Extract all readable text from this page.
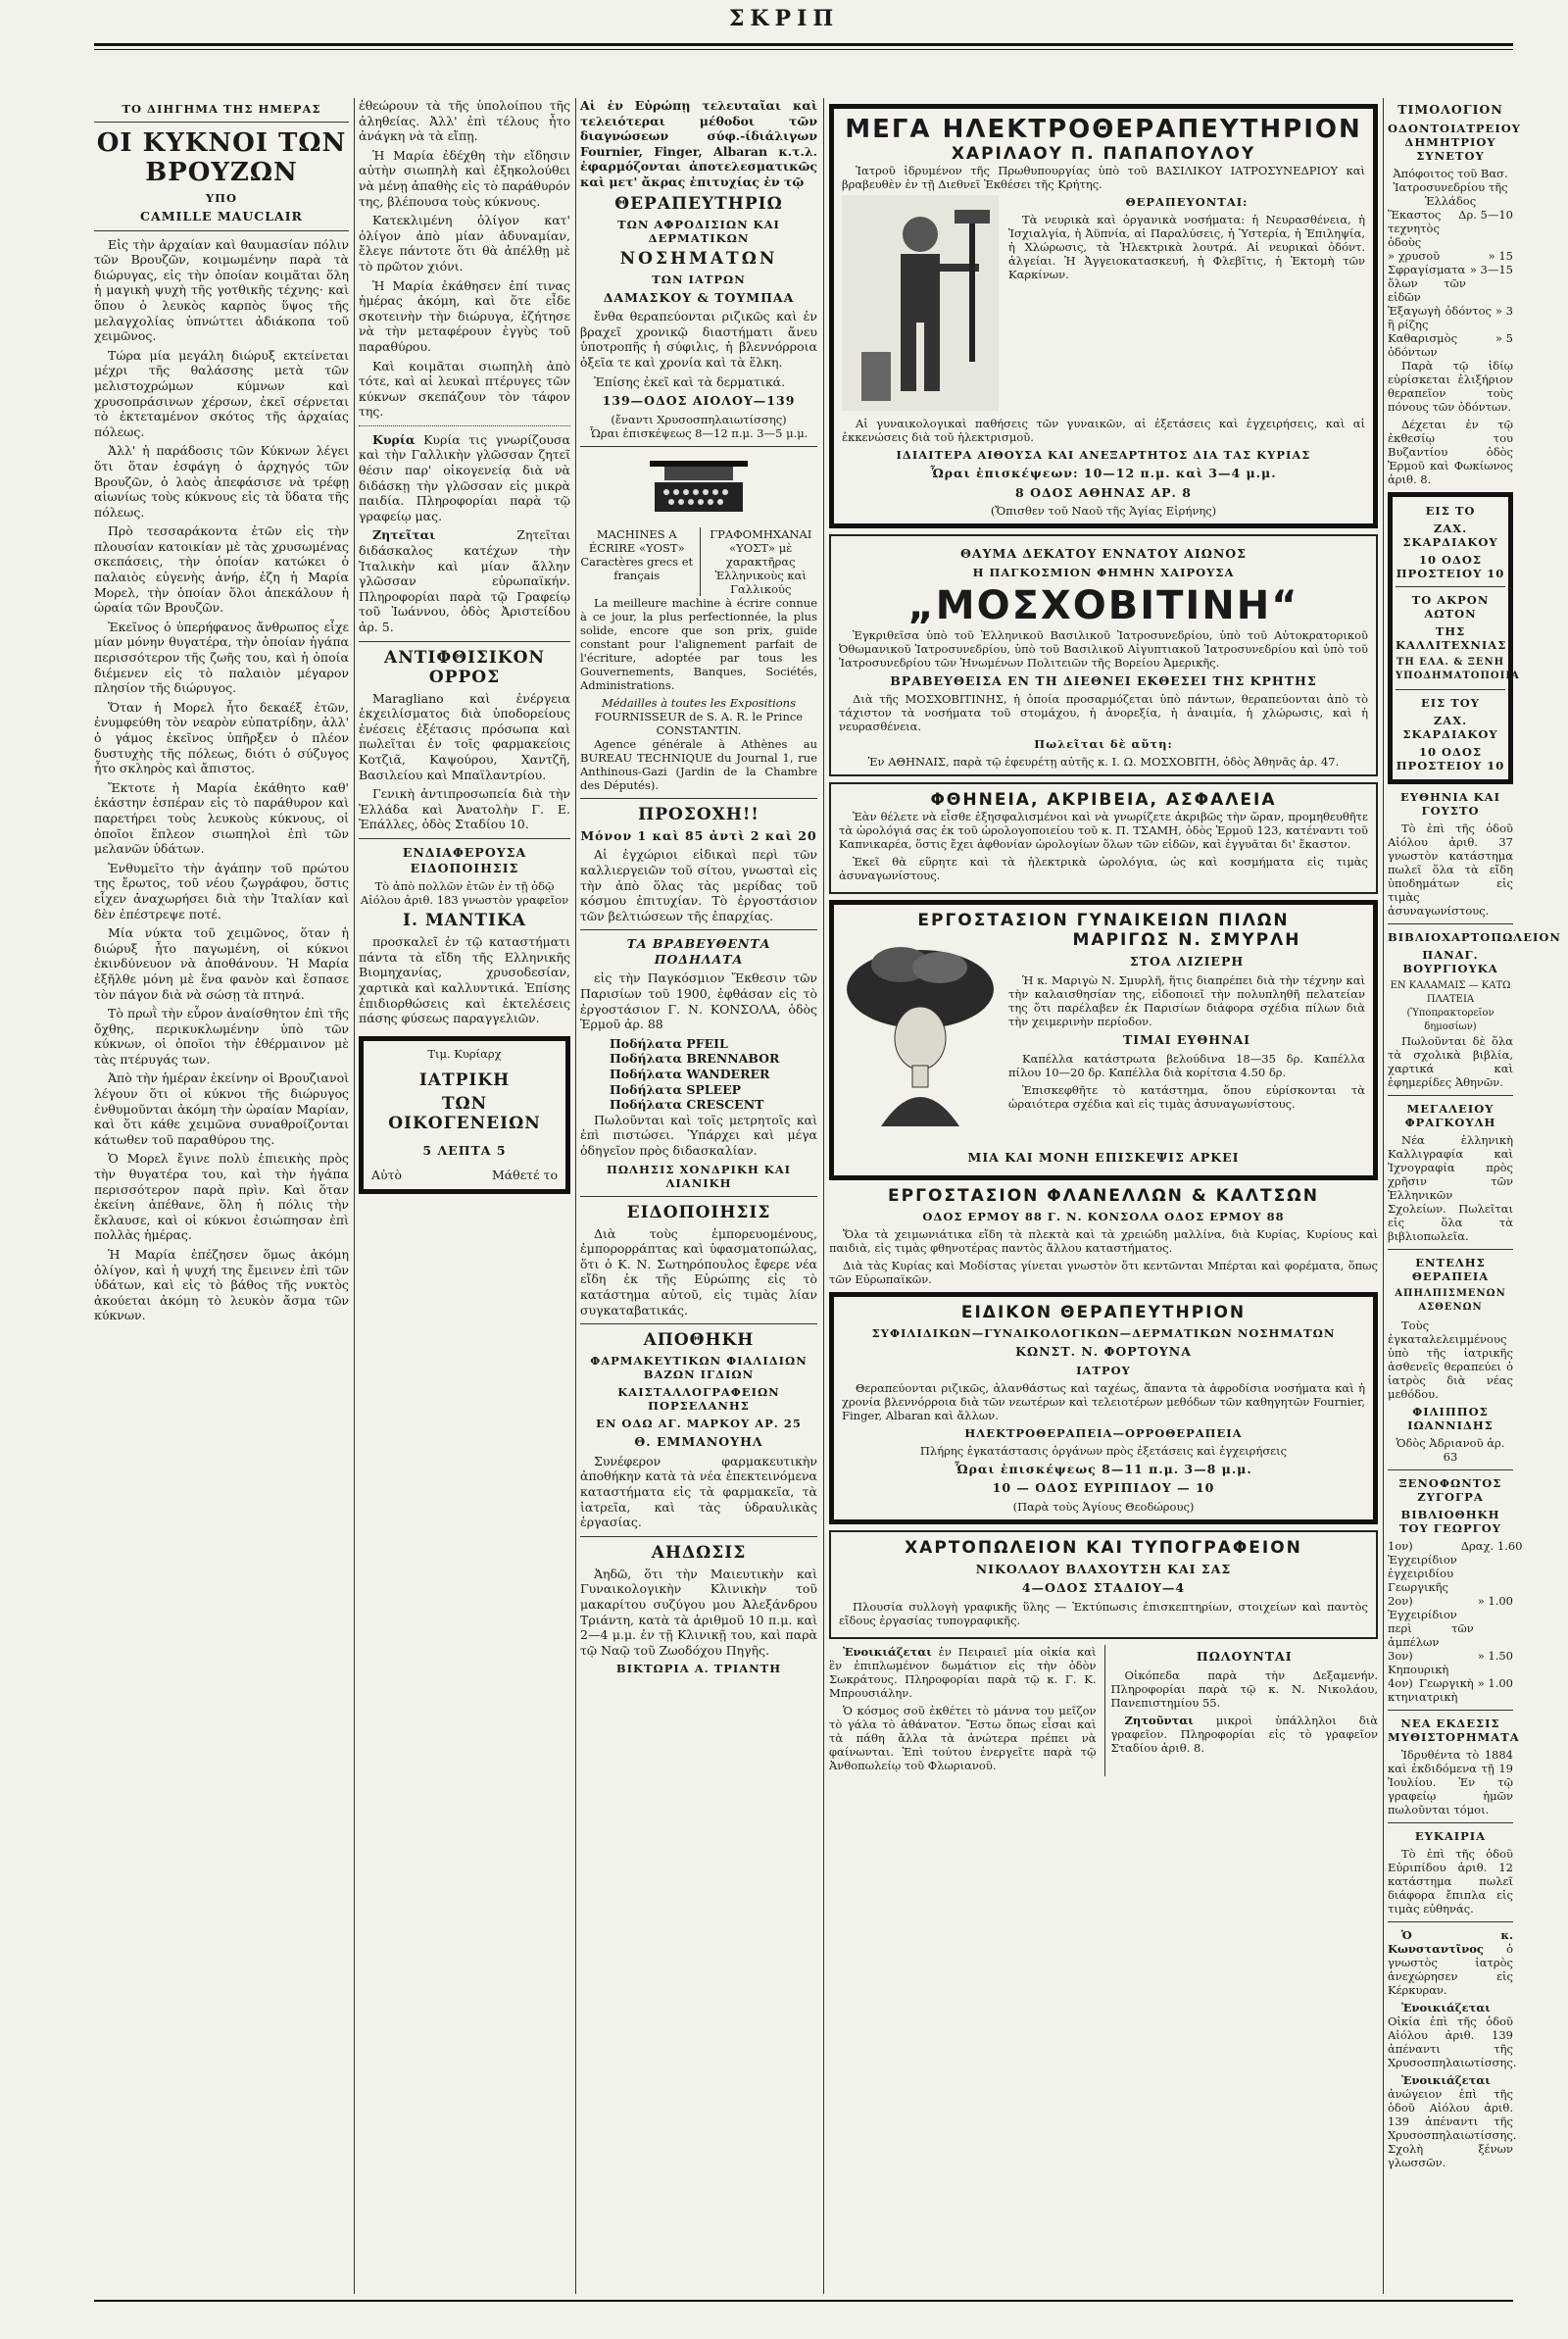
ΣΚΡΙΠ
ΤΟ ΔΙΗΓΗΜΑ ΤΗΣ ΗΜΕΡΑΣ
ΟΙ ΚΥΚΝΟΙ ΤΩΝ ΒΡΟΥΖΩΝ
ΥΠΟ
CAMILLE MAUCLAIR

Εἰς τὴν ἀρχαίαν καὶ θαυμασίαν πόλιν τῶν Βρουζῶν, κοιμωμένην παρὰ τὰ διώρυγας, εἰς τὴν ὁποίαν κοιμᾶται ὅλη ἡ μαγικὴ ψυχὴ τῆς γοτθικῆς τέχνης· καὶ ὅπου ὁ λευκὸς καρπὸς ὕψος τῆς μελαγχολίας ὑπνώττει ἀδιάκοπα τοῦ χειμῶνος.

Τώρα μία μεγάλη διώρυξ εκτείνεται μέχρι τῆς θαλάσσης μετὰ τῶν μελιστοχρώμων κύμνων καὶ χρυσοπράσινων χέρσων, ἐκεῖ σέρνεται τὸ ἐκτεταμένον σκότος τῆς ἀρχαίας πόλεως.

Ἀλλ' ἡ παράδοσις τῶν Κύκνων λέγει ὅτι ὅταν ἐσφάγη ὁ ἀρχηγός τῶν Βρουζῶν, ὁ λαὸς ἀπεφάσισε νὰ τρέφῃ αἰωνίως τοὺς κύκνους εἰς τὰ ὕδατα τῆς πόλεως.

Πρὸ τεσσαράκοντα ἐτῶν εἰς τὴν πλουσίαν κατοικίαν μὲ τὰς χρυσωμένας σκεπάσεις, τὴν ὁποίαν κατώκει ὁ παλαιὸς εὐγενὴς ἀνήρ, ἐζη ἡ Μαρία Μορελ, τὴν ὁποίαν ὅλοι ἀπεκάλουν ἡ ὡραία τῶν Βρουζῶν.

Ἐκεῖνος ὁ ὑπερήφανος ἄνθρωπος εἶχε μίαν μόνην θυγατέρα, τὴν ὁποίαν ἠγάπα περισσότερον τῆς ζωῆς του, καὶ ἡ ὁποία διέμενεν εἰς τὸ παλαιὸν μέγαρον πλησίον τῆς διώρυγος.

Ὅταν ἡ Μορελ ἦτο δεκαέξ ἐτῶν, ἐνυμφεύθη τὸν νεαρὸν εὐπατρίδην, ἀλλ' ὁ γάμος ἐκεῖνος ὑπῆρξεν ὁ πλέον δυστυχὴς τῆς πόλεως, διότι ὁ σύζυγος ἦτο σκληρὸς καὶ ἄπιστος.

Ἔκτοτε ἡ Μαρία ἐκάθητο καθ' ἑκάστην ἑσπέραν εἰς τὸ παράθυρον καὶ παρετήρει τοὺς λευκοὺς κύκνους, οἱ ὁποῖοι ἔπλεον σιωπηλοὶ ἐπὶ τῶν μελανῶν ὑδάτων.

Ἐνθυμεῖτο τὴν ἀγάπην τοῦ πρώτου της ἔρωτος, τοῦ νέου ζωγράφου, ὅστις εἶχεν ἀναχωρήσει διὰ τὴν Ἰταλίαν καὶ δὲν ἐπέστρεψε ποτέ.

Μία νύκτα τοῦ χειμῶνος, ὅταν ἡ διώρυξ ἦτο παγωμένη, οἱ κύκνοι ἐκινδύνευον νὰ ἀποθάνουν. Ἡ Μαρία ἐξῆλθε μόνη μὲ ἕνα φανὸν καὶ ἔσπασε τὸν πάγον διὰ νὰ σώσῃ τὰ πτηνά.

Τὸ πρωῒ τὴν εὗρον ἀναίσθητον ἐπὶ τῆς ὄχθης, περικυκλωμένην ὑπὸ τῶν κύκνων, οἱ ὁποῖοι τὴν ἐθέρμαινον μὲ τὰς πτέρυγάς των.

Ἀπὸ τὴν ἡμέραν ἐκείνην οἱ Βρουζιανοὶ λέγουν ὅτι οἱ κύκνοι τῆς διώρυγος ἐνθυμοῦνται ἀκόμη τὴν ὡραίαν Μαρίαν, καὶ ὅτι κάθε χειμῶνα συναθροίζονται κάτωθεν τοῦ παραθύρου της.

Ὁ Μορελ ἔγινε πολὺ ἐπιεικὴς πρὸς τὴν θυγατέρα του, καὶ τὴν ἠγάπα περισσότερον παρὰ πρὶν. Καὶ ὅταν ἐκείνη ἀπέθανε, ὅλη ἡ πόλις τὴν ἔκλαυσε, καὶ οἱ κύκνοι ἐσιώπησαν ἐπὶ πολλὰς ἡμέρας.

Ἡ Μαρία ἐπέζησεν ὅμως ἀκόμη ὀλίγον, καὶ ἡ ψυχή της ἔμεινεν ἐπὶ τῶν ὑδάτων, καὶ εἰς τὸ βάθος τῆς νυκτὸς ἀκούεται ἀκόμη τὸ λευκὸν ἄσμα τῶν κύκνων.

ἐθεώρουν τὰ τῆς ὑπολοίπου τῆς ἀληθείας. Ἀλλ' ἐπὶ τέλους ἦτο ἀνάγκη νὰ τὰ εἴπῃ.

Ἡ Μαρία ἐδέχθη τὴν εἴδησιν αὐτὴν σιωπηλὴ καὶ ἐξηκολούθει νὰ μένῃ ἀπαθὴς εἰς τὸ παράθυρόν της, βλέπουσα τοὺς κύκνους.

Κατεκλιμένη ὀλίγον κατ' ὀλίγον ἀπὸ μίαν ἀδυναμίαν, ἔλεγε πάντοτε ὅτι θὰ ἀπέλθῃ μὲ τὸ πρῶτον χιόνι.

Ἡ Μαρία ἐκάθησεν ἐπί τινας ἡμέρας ἀκόμη, καὶ ὅτε εἶδε σκοτεινὴν τὴν διώρυγα, ἐζήτησε νὰ τὴν μεταφέρουν ἐγγὺς τοῦ παραθύρου.

Καὶ κοιμᾶται σιωπηλὴ ἀπὸ τότε, καὶ αἱ λευκαὶ πτέρυγες τῶν κύκνων σκεπάζουν τὸν τάφον της.

Κυρία Κυρία τις γνωρίζουσα καὶ τὴν Γαλλικὴν γλῶσσαν ζητεῖ θέσιν παρ' οἰκογενείᾳ διὰ νὰ διδάσκῃ τὴν γλῶσσαν εἰς μικρὰ παιδία. Πληροφορίαι παρὰ τῷ γραφείῳ μας.

Ζητεῖται	Ζητεῖται διδάσκαλος κατέχων τὴν Ἰταλικὴν καὶ μίαν ἄλλην γλῶσσαν εὐρωπαϊκήν. Πληροφορίαι παρὰ τῷ Γραφείῳ τοῦ Ἰωάννου, ὁδὸς Ἀριστείδου ἀρ. 5.

ΑΝΤΙΦΘΙΣΙΚΟΝ ΟΡΡΟΣ

Maragliano καὶ ἐνέργεια ἐκχειλίσματος διὰ ὑποδορείους ἐνέσεις ἐξέτασις πρόσωπα καὶ πωλεῖται ἐν τοῖς φαρμακείοις Κοτζιᾶ, Καψούρου, Χαντζῆ, Βασιλείου καὶ Μπαϊλαντρίου.

Γενικὴ ἀντιπροσωπεία διὰ τὴν Ἑλλάδα καὶ Ἀνατολὴν Γ. Ε. Ἐπάλλες, ὁδὸς Σταδίου 10.

ΕΝΔΙΑΦΕΡΟΥΣΑ ΕΙΔΟΠΟΙΗΣΙΣ

Τὸ ἀπὸ πολλῶν ἐτῶν ἐν τῇ ὁδῷ Αἰόλου ἀριθ. 183 γνωστὸν γραφεῖον

Ι. ΜΑΝΤΙΚΑ

προσκαλεῖ ἐν τῷ καταστήματι πάντα τὰ εἴδη τῆς Ελληνικῆς Βιομηχανίας, χρυσοδεσίαν, χαρτικὰ καὶ καλλυντικά. Ἐπίσης ἐπιδιορθώσεις καὶ ἐκτελέσεις πάσης φύσεως παραγγελιῶν.

Τιμ. Κυρίαρχ
ΙΑΤΡΙΚΗ
ΤΩΝ ΟΙΚΟΓΕΝΕΙΩΝ
5 ΛΕΠΤΑ 5
Αὐτὸ	Μάθετέ το

Αἱ ἐν Εὐρώπῃ τελευταῖαι καὶ τελειότεραι μέθοδοι τῶν διαγνώσεων σύφ.-ίδιάλιγων Fournier, Finger, Albaran κ.τ.λ. ἐφαρμόζονται ἀποτελεσματικῶς καὶ μετ' ἄκρας ἐπιτυχίας ἐν τῷ

ΘΕΡΑΠΕΥΤΗΡΙΩ
ΤΩΝ ΑΦΡΟΔΙΣΙΩΝ ΚΑΙ ΔΕΡΜΑΤΙΚΩΝ
ΝΟΣΗΜΑΤΩΝ
ΤΩΝ ΙΑΤΡΩΝ
ΔΑΜΑΣΚΟΥ & ΤΟΥΜΠΑΑ

ἔνθα θεραπεύονται ριζικῶς καὶ ἐν βραχεῖ χρονικῷ διαστήματι ἄνευ ὑποτροπῆς ἡ σύφιλις, ἡ βλεννόρροια ὀξεῖα τε καὶ χρονία καὶ τὰ ἕλκη.

Ἐπίσης ἐκεῖ καὶ τὰ δερματικά.

139—ΟΔΟΣ ΑΙΟΛΟΥ—139
(ἔναντι Χρυσοσπηλαιωτίσσης)
Ὧραι ἐπισκέψεως 8—12 π.μ. 3—5 μ.μ.
MACHINES A ÉCRIRE «YOST» Caractères grecs et français
ΓΡΑΦΟΜΗΧΑΝΑΙ «ΥΟΣΤ» μὲ χαρακτῆρας Ἑλληνικοὺς καὶ Γαλλικούς

La meilleure machine à écrire connue à ce jour, la plus perfectionnée, la plus solide, encore que son prix, guide constant pour l'alignement parfait de l'écriture, adoptée par tous les Gouvernements, Banques, Sociétés, Administrations.

Médailles à toutes les Expositions
FOURNISSEUR de S. A. R. le Prince CONSTANTIN.

Agence générale à Athènes au BUREAU TECHNIQUE du Journal 1, rue Anthinous-Gazi (Jardin de la Chambre des Députés).

ΠΡΟΣΟΧΗ!!
Μόνον 1 καὶ 85 ἀντὶ 2 καὶ 20

Αἱ ἐγχώριοι εἰδικαὶ περὶ τῶν καλλιεργειῶν τοῦ σίτου, γνωσταὶ εἰς τὴν ἀπὸ ὅλας τὰς μερίδας τοῦ κόσμου ἐπιτυχίαν. Τὸ ἐργοστάσιον τῶν βελτιώσεων τῆς ἐπαρχίας.

ΤΑ ΒΡΑΒΕΥΘΕΝΤΑ ΠΟΔΗΛΑΤΑ

εἰς τὴν Παγκόσμιον Ἔκθεσιν τῶν Παρισίων τοῦ 1900, ἐφθάσαν εἰς τὸ ἐργοστάσιον Γ. Ν. ΚΟΝΣΟΛΑ, ὁδὸς Ἑρμοῦ ἀρ. 88

Ποδήλατα PFEIL
Ποδήλατα BRENNABOR
Ποδήλατα WANDERER
Ποδήλατα SPLEEP
Ποδήλατα CRESCENT

Πωλοῦνται καὶ τοῖς μετρητοῖς καὶ ἐπὶ πιστώσει. Ὑπάρχει καὶ μέγα ὁδηγεῖον πρὸς διδασκαλίαν.

ΠΩΛΗΣΙΣ ΧΟΝΔΡΙΚΗ ΚΑΙ ΛΙΑΝΙΚΗ
ΕΙΔΟΠΟΙΗΣΙΣ

Διὰ τοὺς ἐμπορευομένους, ἐμπορορράπτας καὶ ὑφασματοπώλας, ὅτι ὁ Κ. Ν. Σωτηρόπουλος ἔφερε νέα εἴδη ἐκ τῆς Εὐρώπης εἰς τὸ κατάστημα αὐτοῦ, εἰς τιμὰς λίαν συγκαταβατικάς.

ΑΠΟΘΗΚΗ
ΦΑΡΜΑΚΕΥΤΙΚΩΝ ΦΙΑΛΙΔΙΩΝ ΒΑΖΩΝ ΙΓΔΙΩΝ
ΚΑΙΣΤΑΛΛΟΓΡΑΦΕΙΩΝ ΠΟΡΣΕΛΑΝΗΣ
ΕΝ ΟΔΩ ΑΓ. ΜΑΡΚΟΥ ΑΡ. 25
Θ. ΕΜΜΑΝΟΥΗΛ

Συνέφερον φαρμακευτικὴν ἀποθήκην κατὰ τὰ νέα ἐπεκτεινόμενα καταστήματα εἰς τὰ φαρμακεῖα, τὰ ἰατρεῖα, καὶ τὰς ὑδραυλικὰς ἐργασίας.

ΑΗΔΩΣΙΣ

Ἀηδῶ, ὅτι τὴν Μαιευτικὴν καὶ Γυναικολογικὴν Κλινικὴν τοῦ μακαρίτου συζύγου μου Ἀλεξάνδρου Τριάντη, κατὰ τὰ ἀριθμοῦ 10 π.μ. καὶ 2—4 μ.μ. ἐν τῇ Κλινικῇ του, καὶ παρὰ τῷ Ναῷ τοῦ Ζωοδόχου Πηγῆς.

ΒΙΚΤΩΡΙΑ Α. ΤΡΙΑΝΤΗ
ΜΕΓΑ ΗΛΕΚΤΡΟΘΕΡΑΠΕΥΤΗΡΙΟΝ
ΧΑΡΙΛΑΟΥ Π. ΠΑΠΑΠΟΥΛΟΥ

Ἰατροῦ ἰδρυμένον τῆς Πρωθυπουργίας ὑπὸ τοῦ ΒΑΣΙΛΙΚΟΥ ΙΑΤΡΟΣΥΝΕΔΡΙΟΥ καὶ βραβευθὲν ἐν τῇ Διεθνεῖ Ἐκθέσει τῆς Κρήτης.

ΘΕΡΑΠΕΥΟΝΤΑΙ:

Τὰ νευρικὰ καὶ ὀργανικὰ νοσήματα: ἡ Νευρασθένεια, ἡ Ἰσχιαλγία, ἡ Ἀϋπνία, αἱ Παραλύσεις, ἡ Ὑστερία, ἡ Ἐπιληψία, ἡ Χλώρωσις, τὰ Ἡλεκτρικὰ λουτρά. Αἱ νευρικαὶ ὀδόντ. ἀλγείαι. Ἡ Ἀγγειοκατασκευή, ἡ Φλεβῖτις, ἡ Ἐκτομὴ τῶν Καρκίνων.

Αἱ γυναικολογικαὶ παθήσεις τῶν γυναικῶν, αἱ ἐξετάσεις καὶ ἐγχειρήσεις, καὶ αἱ ἐκκενώσεις διὰ τοῦ ἡλεκτρισμοῦ.

ΙΔΙΑΙΤΕΡΑ ΑΙΘΟΥΣΑ ΚΑΙ ΑΝΕΞΑΡΤΗΤΟΣ ΔΙΑ ΤΑΣ ΚΥΡΙΑΣ
Ὧραι ἐπισκέψεων: 10—12 π.μ. καὶ 3—4 μ.μ.
8 ΟΔΟΣ ΑΘΗΝΑΣ ΑΡ. 8
(Ὄπισθεν τοῦ Ναοῦ τῆς Ἁγίας Εἰρήνης)
ΘΑΥΜΑ ΔΕΚΑΤΟΥ ΕΝΝΑΤΟΥ ΑΙΩΝΟΣ
Η ΠΑΓΚΟΣΜΙΟΝ ΦΗΜΗΝ ΧΑΙΡΟΥΣΑ
„ΜΟΣΧΟΒΙΤΙΝΗ“

Ἐγκριθεῖσα ὑπὸ τοῦ Ἑλληνικοῦ Βασιλικοῦ Ἰατροσυνεδρίου, ὑπὸ τοῦ Αὐτοκρατορικοῦ Ὀθωμανικοῦ Ἰατροσυνεδρίου, ὑπὸ τοῦ Βασιλικοῦ Αἰγυπτιακοῦ Ἰατροσυνεδρίου καὶ ὑπὸ τοῦ Ἰατροσυνεδρίου τῶν Ἡνωμένων Πολιτειῶν τῆς Βορείου Ἀμερικῆς.

ΒΡΑΒΕΥΘΕΙΣΑ ΕΝ ΤΗ ΔΙΕΘΝΕΙ ΕΚΘΕΣΕΙ ΤΗΣ ΚΡΗΤΗΣ

Διὰ τῆς ΜΟΣΧΟΒΙΤΙΝΗΣ, ἡ ὁποία προσαρμόζεται ὑπὸ πάντων, θεραπεύονται ἀπὸ τὸ τάχιστον τὰ νοσήματα τοῦ στομάχου, ἡ ἀνορεξία, ἡ ἀναιμία, ἡ χλώρωσις, καὶ ἡ νευρασθένεια.

Πωλεῖται δὲ αὕτη:
Ἐν ΑΘΗΝΑΙΣ, παρὰ τῷ ἐφευρέτῃ αὐτῆς κ. Ι. Ω. ΜΟΣΧΟΒΙΤΗ, ὁδὸς Ἀθηνᾶς ἀρ. 47.
ΦΘΗΝΕΙΑ, ΑΚΡΙΒΕΙΑ, ΑΣΦΑΛΕΙΑ

Ἐὰν θέλετε νὰ εἶσθε ἐξησφαλισμένοι καὶ νὰ γνωρίζετε ἀκριβῶς τὴν ὥραν, προμηθευθῆτε τὰ ὡρολόγιά σας ἐκ τοῦ ὡρολογοποιείου τοῦ κ. Π. ΤΣΑΜΗ, ὁδὸς Ἑρμοῦ 123, κατέναντι τοῦ Καπνικαρέα, ὅστις ἔχει ἀφθονίαν ὡρολογίων ὅλων τῶν εἰδῶν, καὶ ἐγγυᾶται δι' ἕκαστον.

Ἐκεῖ θὰ εὕρητε καὶ τὰ ἡλεκτρικὰ ὡρολόγια, ὡς καὶ κοσμήματα εἰς τιμὰς ἀσυναγωνίστους.

ΕΡΓΟΣΤΑΣΙΟΝ ΓΥΝΑΙΚΕΙΩΝ ΠΙΛΩΝ
ΜΑΡΙΓΩΣ Ν. ΣΜΥΡΛΗ
ΣΤΟΑ ΛΙΖΙΕΡΗ

Ἡ κ. Μαριγὼ Ν. Σμυρλῆ, ἥτις διαπρέπει διὰ τὴν τέχνην καὶ τὴν καλαισθησίαν της, εἰδοποιεῖ τὴν πολυπληθῆ πελατείαν της ὅτι παρέλαβεν ἐκ Παρισίων διάφορα σχέδια πίλων διὰ τὴν χειμερινὴν περίοδον.

ΤΙΜΑΙ ΕΥΘΗΝΑΙ

Καπέλλα κατάστρωτα βελούδινα 18—35 δρ. Καπέλλα πίλου 10—20 δρ. Καπέλλα διὰ κορίτσια 4.50 δρ.

Ἐπισκεφθῆτε τὸ κατάστημα, ὅπου εὑρίσκονται τὰ ὡραιότερα σχέδια καὶ εἰς τιμὰς ἀσυναγωνίστους.

ΜΙΑ ΚΑΙ ΜΟΝΗ ΕΠΙΣΚΕΨΙΣ ΑΡΚΕΙ
ΕΡΓΟΣΤΑΣΙΟΝ ΦΛΑΝΕΛΛΩΝ & ΚΑΛΤΣΩΝ
ΟΔΟΣ ΕΡΜΟΥ 88 Γ. Ν. ΚΟΝΣΟΛΑ ΟΔΟΣ ΕΡΜΟΥ 88

Ὅλα τὰ χειμωνιάτικα εἴδη τὰ πλεκτὰ καὶ τὰ χρειώδη μαλλίνα, διὰ Κυρίας, Κυρίους καὶ παιδιὰ, εἰς τιμὰς φθηνοτέρας παντὸς ἄλλου καταστήματος.

Διὰ τὰς Κυρίας καὶ Μοδίστας γίνεται γνωστὸν ὅτι κεντῶνται Μπέρται καὶ φορέματα, ὅπως τῶν Εὐρωπαϊκῶν.

ΕΙΔΙΚΟΝ ΘΕΡΑΠΕΥΤΗΡΙΟΝ
ΣΥΦΙΛΙΔΙΚΩΝ—ΓΥΝΑΙΚΟΛΟΓΙΚΩΝ—ΔΕΡΜΑΤΙΚΩΝ ΝΟΣΗΜΑΤΩΝ
ΚΩΝΣΤ. Ν. ΦΟΡΤΟΥΝΑ
ΙΑΤΡΟΥ

Θεραπεύονται ριζικῶς, ἀλανθάστως καὶ ταχέως, ἅπαντα τὰ ἀφροδίσια νοσήματα καὶ ἡ χρονία βλεννόρροια διὰ τῶν νεωτέρων καὶ τελειοτέρων μεθόδων τῶν καθηγητῶν Fournier, Finger, Albaran καὶ ἄλλων.

ΗΛΕΚΤΡΟΘΕΡΑΠΕΙΑ—ΟΡΡΟΘΕΡΑΠΕΙΑ
Πλήρης ἐγκατάστασις ὀργάνων πρὸς ἐξετάσεις καὶ ἐγχειρήσεις
Ὧραι ἐπισκέψεως 8—11 π.μ. 3—8 μ.μ.
10 — ΟΔΟΣ ΕΥΡΙΠΙΔΟΥ — 10
(Παρὰ τοὺς Ἁγίους Θεοδώρους)
ΧΑΡΤΟΠΩΛΕΙΟΝ ΚΑΙ ΤΥΠΟΓΡΑΦΕΙΟΝ
ΝΙΚΟΛΑΟΥ ΒΛΑΧΟΥΤΣΗ ΚΑΙ ΣΑΣ
4—ΟΔΟΣ ΣΤΑΔΙΟΥ—4

Πλουσία συλλογὴ γραφικῆς ὕλης — Ἐκτύπωσις ἐπισκεπτηρίων, στοιχείων καὶ παντὸς εἴδους ἐργασίας τυπογραφικῆς.

Ἐνοικιάζεται ἐν Πειραιεῖ μία οἰκία καὶ ἓν ἐπιπλωμένον δωμάτιον εἰς τὴν ὁδὸν Σωκράτους. Πληροφορίαι παρὰ τῷ κ. Γ. Κ. Μπρουσιάλην.

Ὁ κόσμος σοῦ ἐκθέτει τὸ μάννα του μεῖζον τὸ γάλα τὸ ἀθάνατον. Ἔστω ὅπως εἶσαι καὶ τὰ πάθη ἄλλα τὰ ἀνώτερα πρέπει νὰ φαίνωνται. Ἐπὶ τούτου ἐνεργεῖτε παρὰ τῷ Ἀνθοπωλείῳ τοῦ Φλωριανοῦ.

ΠΩΛΟΥΝΤΑΙ

Οἰκόπεδα παρὰ τὴν Δεξαμενήν. Πληροφορίαι παρὰ τῷ κ. Ν. Νικολάου, Πανεπιστημίου 55.

Ζητοῦνται μικροὶ ὑπάλληλοι διὰ γραφεῖον. Πληροφορίαι εἰς τὸ γραφεῖον Σταδίου ἀριθ. 8.

ΤΙΜΟΛΟΓΙΟΝ
ΟΔΟΝΤΟΙΑΤΡΕΙΟΥ ΔΗΜΗΤΡΙΟΥ ΣΥΝΕΤΟΥ
Ἀπόφοιτος τοῦ Βασ. Ἰατροσυνεδρίου τῆς Ἑλλάδος
Ἕκαστος τεχνητὸς ὀδοὺς
Δρ. 5—10
» χρυσοῦ	» 15
Σφραγίσματα ὅλων τῶν εἰδῶν
» 3—15
Ἐξαγωγὴ ὀδόντος ἢ ρίζης
» 3
Καθαρισμὸς ὀδόντων
» 5

Παρὰ τῷ ἰδίῳ εὑρίσκεται ἐλιξήριον θεραπεῖον τοὺς πόνους τῶν ὀδόντων.

Δέχεται ἐν τῷ ἐκθεσίῳ του Βυζαντίου ὁδὸς Ἑρμοῦ καὶ Φωκίωνος ἀριθ. 8.

ΕΙΣ ΤΟ
ΖΑΧ. ΣΚΑΡΔΙΑΚΟΥ
10 ΟΔΟΣ ΠΡΟΣΤΕΙΟΥ 10
ΤΟ ΑΚΡΟΝ ΑΩΤΟΝ
ΤΗΣ ΚΑΛΛΙΤΕΧΝΙΑΣ
ΤΗ ΕΛΑ. & ΞΕΝΗ ΥΠΟΔΗΜΑΤΟΠΟΙΙΑ
ΕΙΣ ΤΟΥ
ΖΑΧ. ΣΚΑΡΔΙΑΚΟΥ
10 ΟΔΟΣ ΠΡΟΣΤΕΙΟΥ 10
ΕΥΘΗΝΙΑ ΚΑΙ ΓΟΥΣΤΟ

Τὸ ἐπὶ τῆς ὁδοῦ Αἰόλου ἀριθ. 37 γνωστὸν κατάστημα πωλεῖ ὅλα τὰ εἴδη ὑποδημάτων εἰς τιμὰς ἀσυναγωνίστους.

ΒΙΒΛΙΟΧΑΡΤΟΠΩΛΕΙΟΝ
ΠΑΝΑΓ. ΒΟΥΡΓΙΟΥΚΑ
ΕΝ ΚΑΛΑΜΑΙΣ — ΚΑΤΩ ΠΛΑΤΕΙΑ
(Ὑποπρακτορεῖον δημοσίων)

Πωλοῦνται δὲ ὅλα τὰ σχολικὰ βιβλία, χαρτικά καὶ ἐφημερίδες Ἀθηνῶν.

ΜΕΓΑΛΕΙΟΥ ΦΡΑΓΚΟΥΛΗ

Νέα ἑλληνικὴ Καλλιγραφία καὶ Ἰχνογραφία πρὸς χρῆσιν τῶν Ἑλληνικῶν Σχολείων. Πωλεῖται εἰς ὅλα τὰ βιβλιοπωλεῖα.

ΕΝΤΕΛΗΣ ΘΕΡΑΠΕΙΑ
ΑΠΗΛΠΙΣΜΕΝΩΝ ΑΣΘΕΝΩΝ

Τοὺς ἐγκαταλελειμμένους ὑπὸ τῆς ἰατρικῆς ἀσθενεῖς θεραπεύει ὁ ἰατρὸς διὰ νέας μεθόδου.

ΦΙΛΙΠΠΟΣ ΙΩΑΝΝΙΔΗΣ
Ὁδὸς Ἀδριανοῦ ἀρ. 63
ΞΕΝΟΦΩΝΤΟΣ ΖΥΓΟΓΡΑ
ΒΙΒΛΙΟΘΗΚΗ ΤΟΥ ΓΕΩΡΓΟΥ
1ον) Ἐγχειρίδιον ἐγχειριδίου Γεωργικῆς
Δραχ. 1.60
2ον) Ἐγχειρίδιον περὶ τῶν ἀμπέλων
» 1.00
3ον) Κηπουρικὴ
» 1.50
4ον) Γεωργικὴ κτηνιατρικὴ
» 1.00
ΝΕΑ ΕΚΔΕΣΙΣ ΜΥΘΙΣΤΟΡΗΜΑΤΑ

Ἱδρυθέντα τὸ 1884 καὶ ἐκδιδόμενα τῇ 19 Ἰουλίου. Ἐν τῷ γραφείῳ ἡμῶν πωλοῦνται τόμοι.

ΕΥΚΑΙΡΙΑ

Τὸ ἐπὶ τῆς ὁδοῦ Εὐριπίδου ἀριθ. 12 κατάστημα πωλεῖ διάφορα ἔπιπλα εἰς τιμὰς εὐθηνάς.

Ὁ κ. Κωνσταντῖνος ὁ γνωστὸς ἰατρὸς ἀνεχώρησεν εἰς Κέρκυραν.

Ἐνοικιάζεται Οἰκία ἐπὶ τῆς ὁδοῦ Αἰόλου ἀριθ. 139 ἀπέναντι τῆς Χρυσοσπηλαιωτίσσης.

Ἐνοικιάζεται ἀνώγειον ἐπὶ τῆς ὁδοῦ Αἰόλου ἀριθ. 139 ἀπέναντι τῆς Χρυσοσπηλαιωτίσσης. Σχολὴ ξένων γλωσσῶν.
